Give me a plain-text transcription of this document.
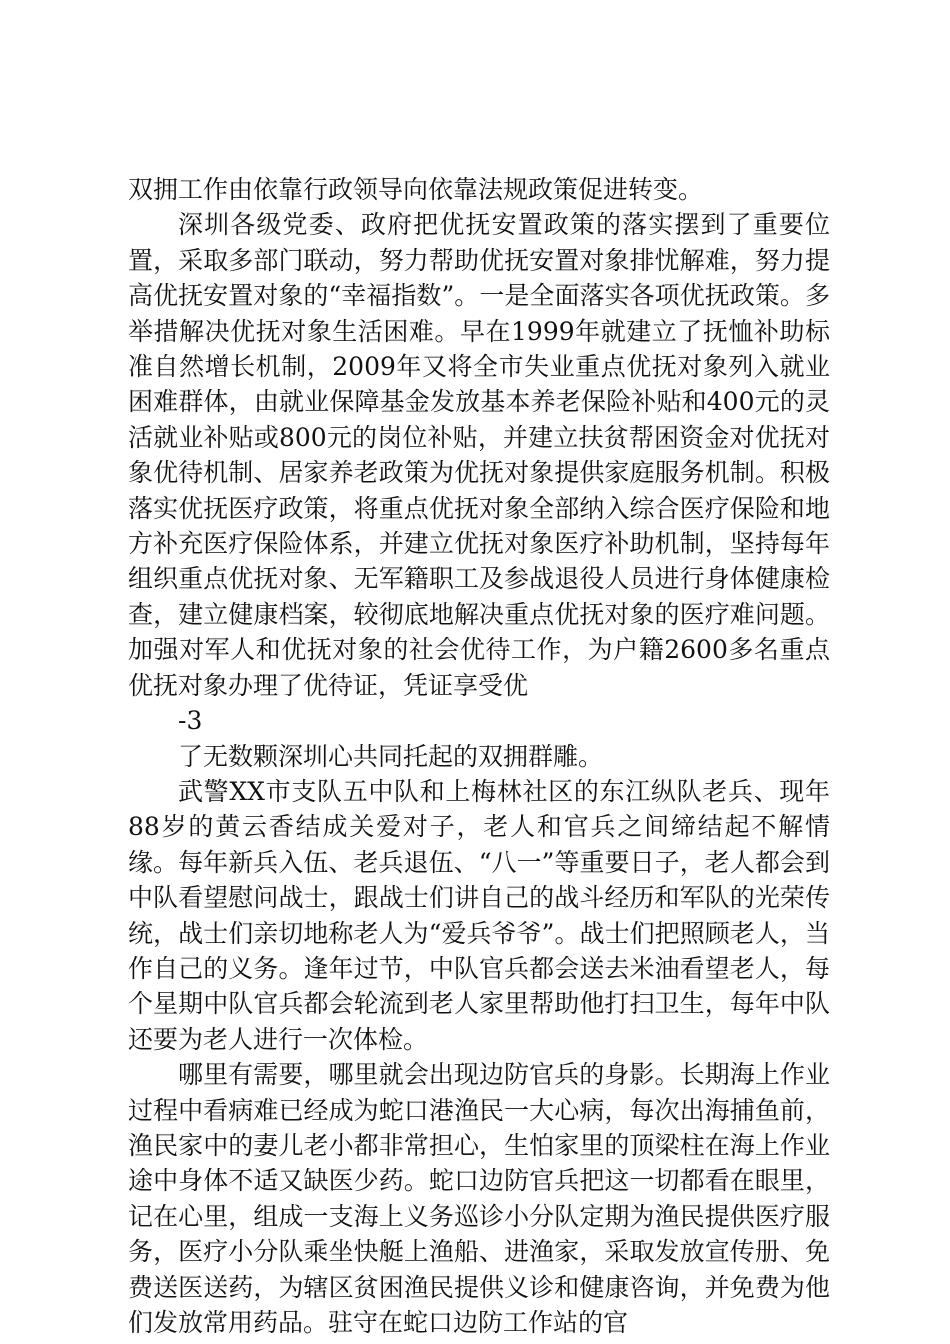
双拥工作由依靠行政领导向依靠法规政策促进转变。

深圳各级党委、政府把优抚安置政策的落实摆到了重要位置，采取多部门联动，努力帮助优抚安置对象排忧解难，努力提高优抚安置对象的“幸福指数”。一是全面落实各项优抚政策。多举措解决优抚对象生活困难。早在1999年就建立了抚恤补助标准自然增长机制，2009年又将全市失业重点优抚对象列入就业困难群体，由就业保障基金发放基本养老保险补贴和400元的灵活就业补贴或800元的岗位补贴，并建立扶贫帮困资金对优抚对象优待机制、居家养老政策为优抚对象提供家庭服务机制。积极落实优抚医疗政策，将重点优抚对象全部纳入综合医疗保险和地方补充医疗保险体系，并建立优抚对象医疗补助机制，坚持每年组织重点优抚对象、无军籍职工及参战退役人员进行身体健康检查，建立健康档案，较彻底地解决重点优抚对象的医疗难问题。加强对军人和优抚对象的社会优待工作，为户籍2600多名重点优抚对象办理了优待证，凭证享受优

-3

了无数颗深圳心共同托起的双拥群雕。

武警XX市支队五中队和上梅林社区的东江纵队老兵、现年88岁的黄云香结成关爱对子，老人和官兵之间缔结起不解情缘。每年新兵入伍、老兵退伍、“八一”等重要日子，老人都会到中队看望慰问战士，跟战士们讲自己的战斗经历和军队的光荣传统，战士们亲切地称老人为“爱兵爷爷”。战士们把照顾老人，当作自己的义务。逢年过节，中队官兵都会送去米油看望老人，每个星期中队官兵都会轮流到老人家里帮助他打扫卫生，每年中队还要为老人进行一次体检。

哪里有需要，哪里就会出现边防官兵的身影。长期海上作业过程中看病难已经成为蛇口港渔民一大心病，每次出海捕鱼前，渔民家中的妻儿老小都非常担心，生怕家里的顶梁柱在海上作业途中身体不适又缺医少药。蛇口边防官兵把这一切都看在眼里，记在心里，组成一支海上义务巡诊小分队定期为渔民提供医疗服务，医疗小分队乘坐快艇上渔船、进渔家，采取发放宣传册、免费送医送药，为辖区贫困渔民提供义诊和健康咨询，并免费为他们发放常用药品。驻守在蛇口边防工作站的官
